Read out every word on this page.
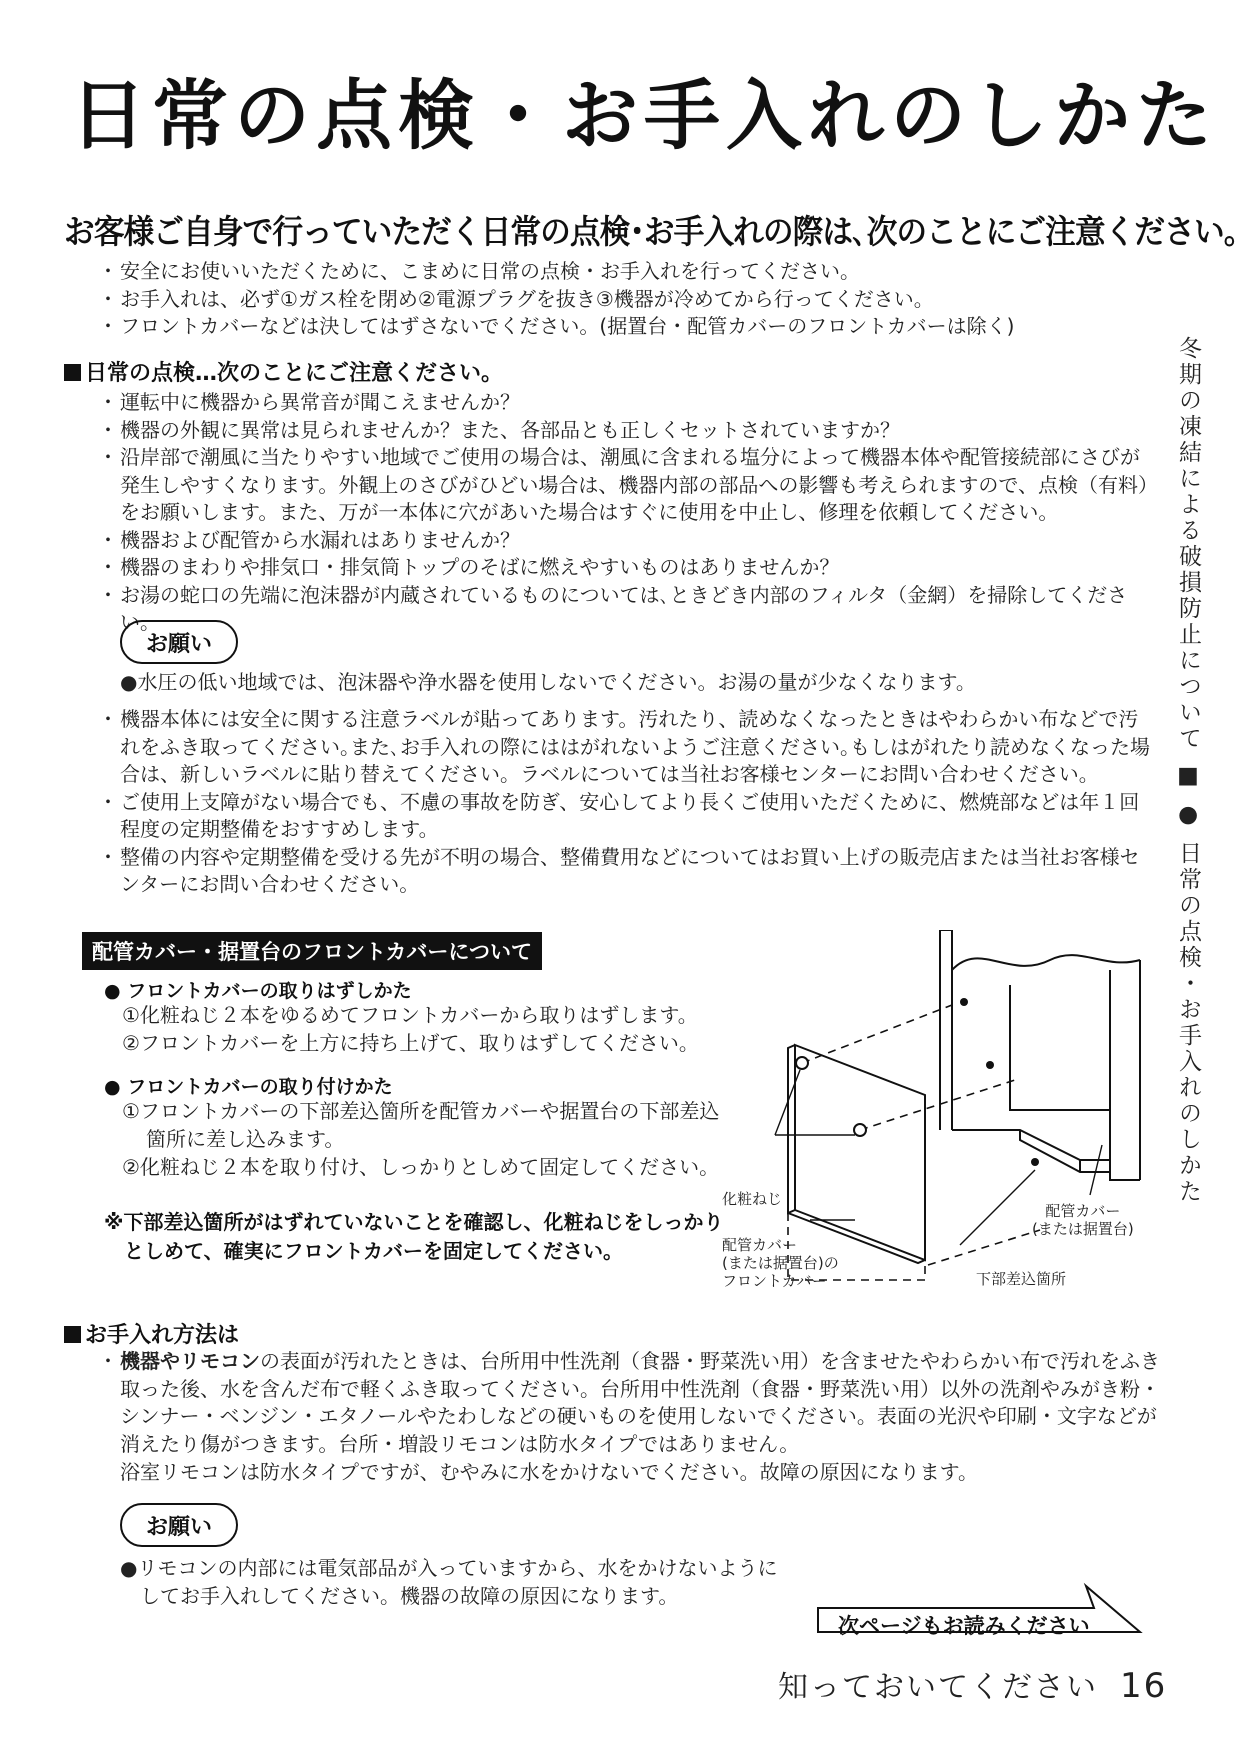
日常の点検・お手入れのしかた
お客様ご自身で行っていただく日常の点検･お手入れの際は､次のことにご注意ください｡
・ 安全にお使いいただくために、こまめに日常の点検・お手入れを行ってください。
・ お手入れは、必ず①ガス栓を閉め②電源プラグを抜き③機器が冷めてから行ってください。
・ フロントカバーなどは決してはずさないでください。(据置台・配管カバーのフロントカバーは除く)
日常の点検…次のことにご注意ください。
・ 運転中に機器から異常音が聞こえませんか？
・ 機器の外観に異常は見られませんか？また、各部品とも正しくセットされていますか？
・ 沿岸部で潮風に当たりやすい地域でご使用の場合は、潮風に含まれる塩分によって機器本体や配管接続部にさびが発生しやすくなります。外観上のさびがひどい場合は、機器内部の部品への影響も考えられますので、点検（有料）をお願いします。また、万が一本体に穴があいた場合はすぐに使用を中止し、修理を依頼してください。
・ 機器および配管から水漏れはありませんか？
・ 機器のまわりや排気口・排気筒トップのそばに燃えやすいものはありませんか？
・ お湯の蛇口の先端に泡沫器が内蔵されているものについては､ときどき内部のフィルタ（金網）を掃除してください。
お願い
●水圧の低い地域では、泡沫器や浄水器を使用しないでください。お湯の量が少なくなります。
・ 機器本体には安全に関する注意ラベルが貼ってあります。汚れたり、読めなくなったときはやわらかい布などで汚れをふき取ってください｡また､お手入れの際にははがれないようご注意ください｡もしはがれたり読めなくなった場合は、新しいラベルに貼り替えてください。ラベルについては当社お客様センターにお問い合わせください。
・ ご使用上支障がない場合でも、不慮の事故を防ぎ、安心してより長くご使用いただくために、燃焼部などは年１回程度の定期整備をおすすめします。
・ 整備の内容や定期整備を受ける先が不明の場合、整備費用などについてはお買い上げの販売店または当社お客様センターにお問い合わせください。
配管カバー・据置台のフロントカバーについて
● フロントカバーの取りはずしかた
①化粧ねじ２本をゆるめてフロントカバーから取りはずします。
②フロントカバーを上方に持ち上げて、取りはずしてください。
● フロントカバーの取り付けかた
①フロントカバーの下部差込箇所を配管カバーや据置台の下部差込箇所に差し込みます。
②化粧ねじ２本を取り付け、しっかりとしめて固定してください。
※下部差込箇所がはずれていないことを確認し、化粧ねじをしっかりとしめて、確実にフロントカバーを固定してください。
化粧ねじ
配管カバー
(または据置台)の
フロントカバー
配管カバー
(または据置台)
下部差込箇所
お手入れ方法は
・ 機器やリモコンの表面が汚れたときは、台所用中性洗剤（食器・野菜洗い用）を含ませたやわらかい布で汚れをふき取った後、水を含んだ布で軽くふき取ってください。台所用中性洗剤（食器・野菜洗い用）以外の洗剤やみがき粉・シンナー・ベンジン・エタノールやたわしなどの硬いものを使用しないでください。表面の光沢や印刷・文字などが消えたり傷がつきます。台所・増設リモコンは防水タイプではありません。
浴室リモコンは防水タイプですが、むやみに水をかけないでください。故障の原因になります。
お願い
●リモコンの内部には電気部品が入っていますから、水をかけないように
してお手入れしてください。機器の故障の原因になります。
冬期の凍結による破損防止について ■ ● 日常の点検・お手入れのしかた
次ページもお読みください
知っておいてください 16
